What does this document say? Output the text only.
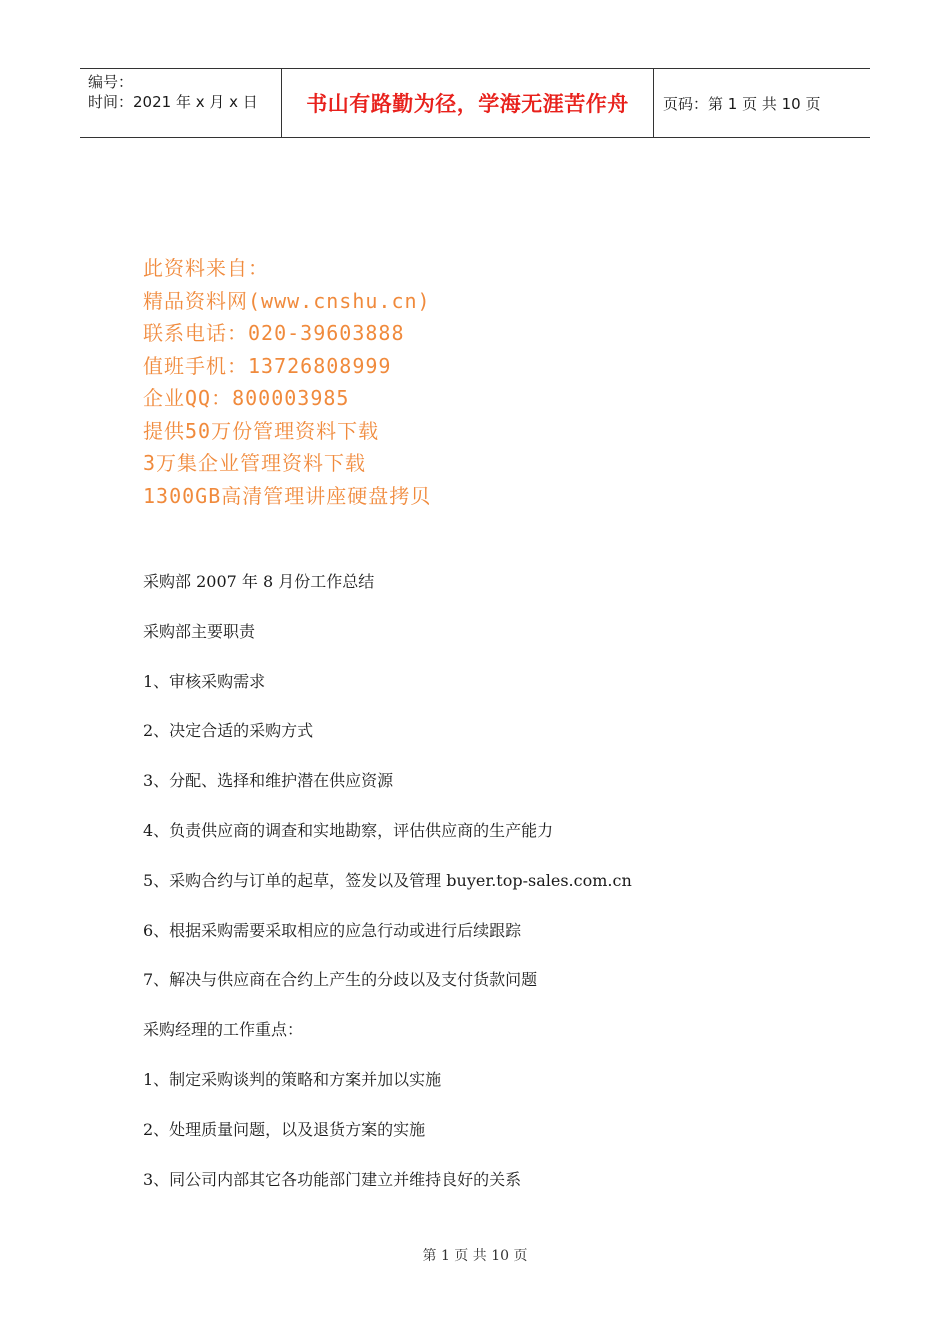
编号：
时间：2021 年 x 月 x 日	书山有路勤为径，学海无涯苦作舟	页码：第 1 页 共 10 页
此资料来自：
精品资料网(www.cnshu.cn)
联系电话：020-39603888
值班手机：13726808999
企业QQ：800003985
提供50万份管理资料下载
3万集企业管理资料下载
1300GB高清管理讲座硬盘拷贝
采购部 2007 年 8 月份工作总结
采购部主要职责
1、审核采购需求
2、决定合适的采购方式
3、分配、选择和维护潜在供应资源
4、负责供应商的调查和实地勘察，评估供应商的生产能力
5、采购合约与订单的起草，签发以及管理 buyer.top-sales.com.cn
6、根据采购需要采取相应的应急行动或进行后续跟踪
7、解决与供应商在合约上产生的分歧以及支付货款问题
采购经理的工作重点：
1、制定采购谈判的策略和方案并加以实施
2、处理质量问题，以及退货方案的实施
3、同公司内部其它各功能部门建立并维持良好的关系
第 1 页 共 10 页
